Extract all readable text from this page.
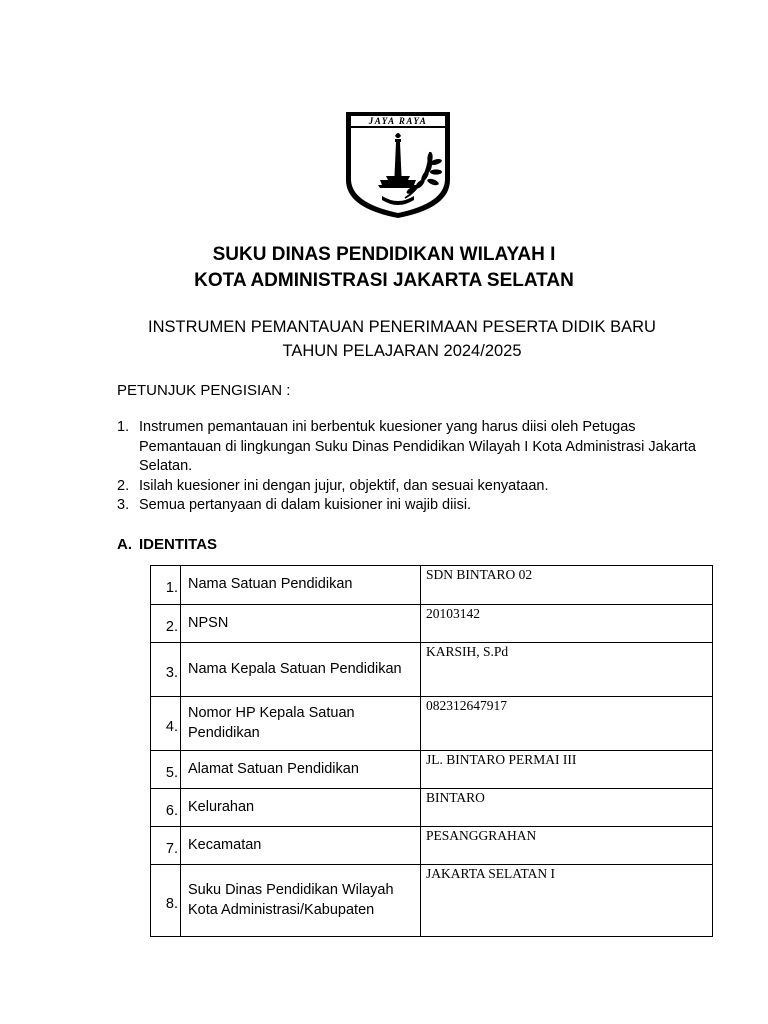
JAYA RAYA
SUKU DINAS PENDIDIKAN WILAYAH I
KOTA ADMINISTRASI JAKARTA SELATAN
INSTRUMEN PEMANTAUAN PENERIMAAN PESERTA DIDIK BARU
TAHUN PELAJARAN 2024/2025
PETUNJUK PENGISIAN :
1. Instrumen pemantauan ini berbentuk kuesioner yang harus diisi oleh Petugas Pemantauan di lingkungan Suku Dinas Pendidikan Wilayah I Kota Administrasi Jakarta Selatan.
2. Isilah kuesioner ini dengan jujur, objektif, dan sesuai kenyataan.
3. Semua pertanyaan di dalam kuisioner ini wajib diisi.
A. IDENTITAS
1.	Nama Satuan Pendidikan	SDN BINTARO 02
2.	NPSN	20103142
3.	Nama Kepala Satuan Pendidikan	KARSIH, S.Pd
4.	Nomor HP Kepala Satuan Pendidikan	082312647917
5.	Alamat Satuan Pendidikan	JL. BINTARO PERMAI III
6.	Kelurahan	BINTARO
7.	Kecamatan	PESANGGRAHAN
8.	Suku Dinas Pendidikan Wilayah Kota Administrasi/Kabupaten	JAKARTA SELATAN I
